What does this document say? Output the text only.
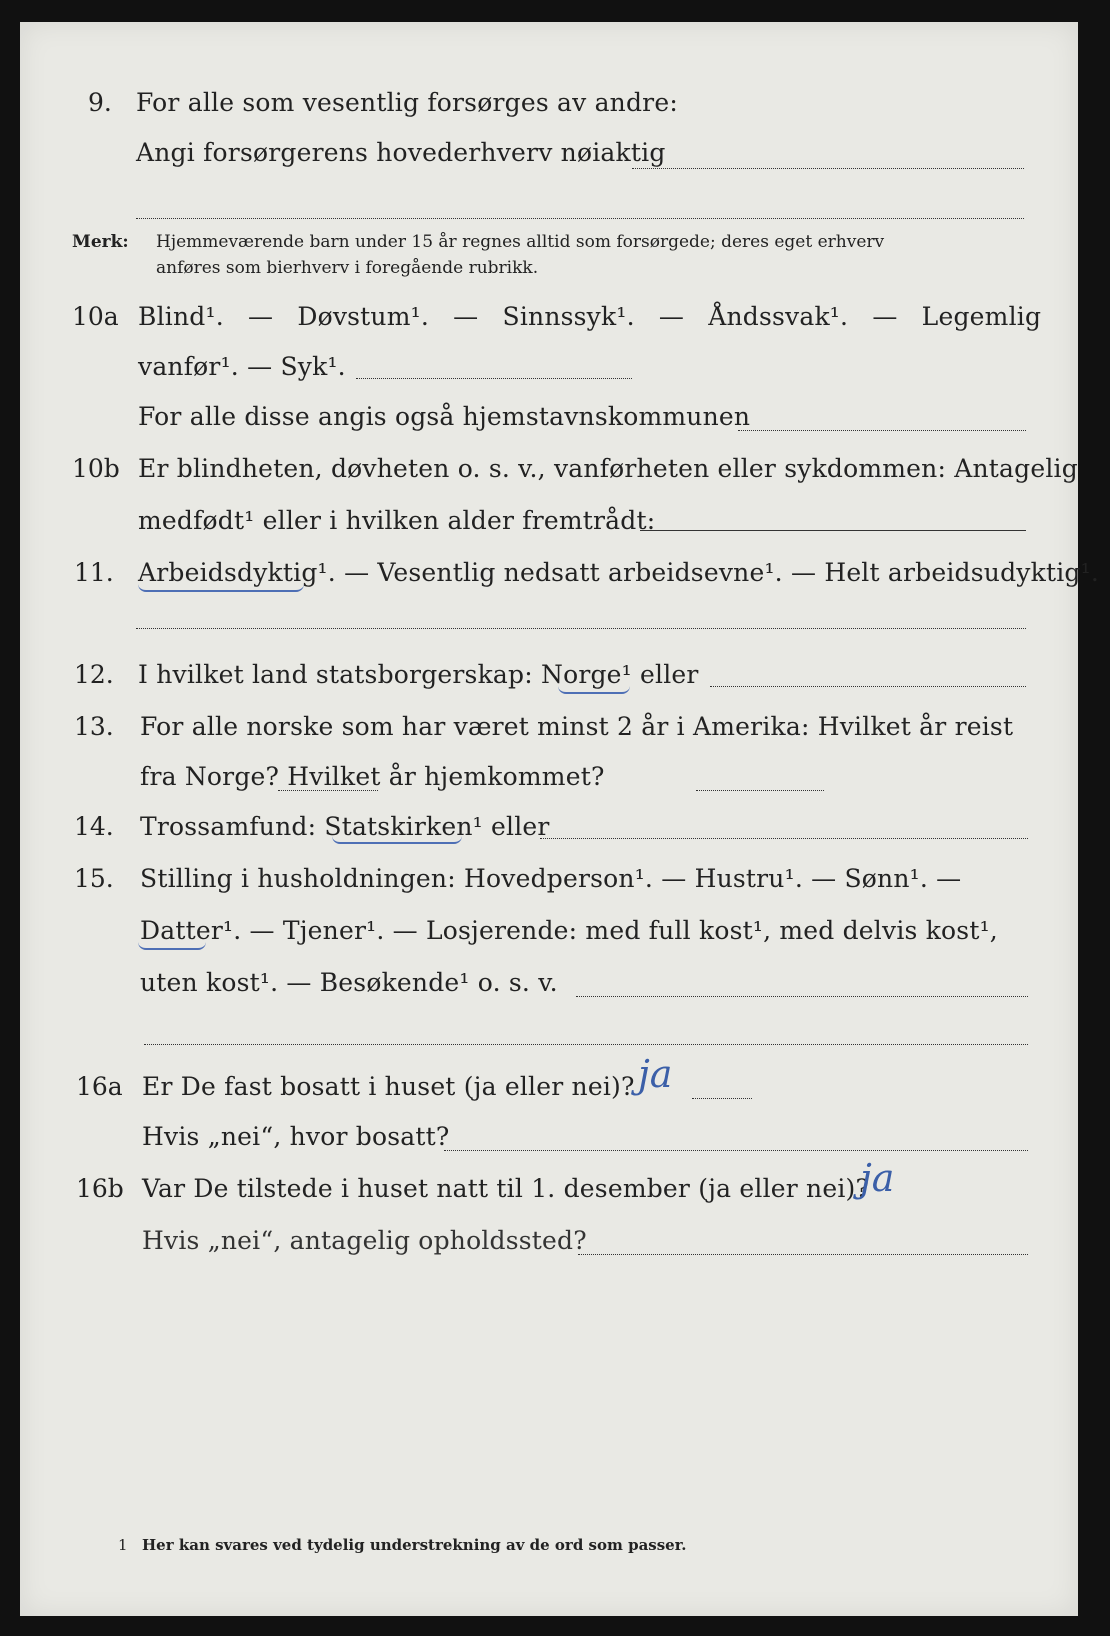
9. For alle som vesentlig forsørges av andre:
Angi forsørgerens hovederhverv nøiaktig
Merk: Hjemmeværende barn under 15 år regnes alltid som forsørgede; deres eget erhverv
anføres som bierhverv i foregående rubrikk.
10a Blind¹. — Døvstum¹. — Sinnssyk¹. — Åndssvak¹. — Legemlig
vanfør¹. — Syk¹.
For alle disse angis også hjemstavnskommunen
10b Er blindheten, døvheten o. s. v., vanførheten eller sykdommen: Antagelig
medfødt¹ eller i hvilken alder fremtrådt:
11. Arbeidsdyktig¹. — Vesentlig nedsatt arbeidsevne¹. — Helt arbeidsudyktig¹.
12. I hvilket land statsborgerskap: Norge¹ eller
13. For alle norske som har været minst 2 år i Amerika: Hvilket år reist
fra Norge? Hvilket år hjemkommet?
14. Trossamfund: Statskirken¹ eller
15. Stilling i husholdningen: Hovedperson¹. — Hustru¹. — Sønn¹. —
Datter¹. — Tjener¹. — Losjerende: med full kost¹, med delvis kost¹,
uten kost¹. — Besøkende¹ o. s. v.
16a Er De fast bosatt i huset (ja eller nei)? ja
Hvis „nei“, hvor bosatt?
16b Var De tilstede i huset natt til 1. desember (ja eller nei)?
ja
Hvis „nei“, antagelig opholdssted?
1 Her kan svares ved tydelig understrekning av de ord som passer.
